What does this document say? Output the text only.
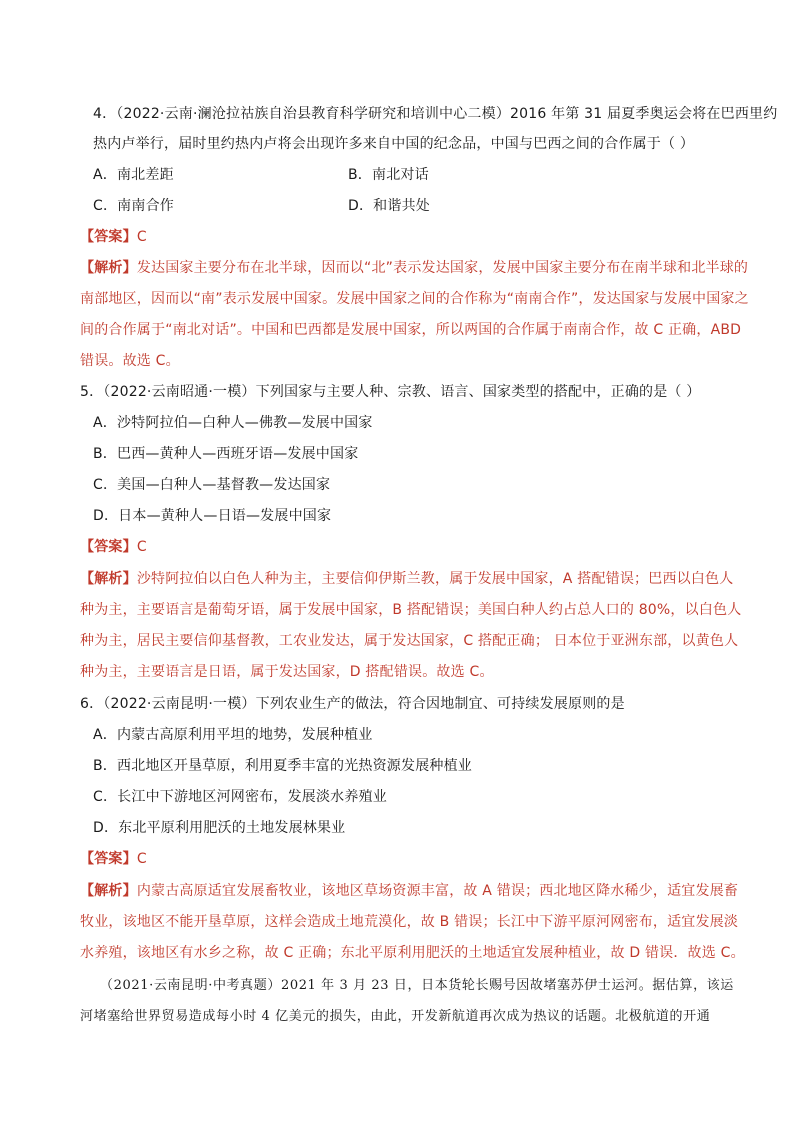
4．（2022·云南·澜沧拉祜族自治县教育科学研究和培训中心二模）2016 年第 31 届夏季奥运会将在巴西里约
热内卢举行，届时里约热内卢将会出现许多来自中国的纪念品，中国与巴西之间的合作属于（ ）
A．南北差距	B．南北对话
C．南南合作	D．和谐共处
【答案】C
【解析】发达国家主要分布在北半球，因而以“北”表示发达国家，发展中国家主要分布在南半球和北半球的
南部地区，因而以“南”表示发展中国家。发展中国家之间的合作称为“南南合作”，发达国家与发展中国家之
间的合作属于“南北对话”。中国和巴西都是发展中国家，所以两国的合作属于南南合作，故 C 正确，ABD
错误。故选 C。
5．（2022·云南昭通·一模）下列国家与主要人种、宗教、语言、国家类型的搭配中，正确的是（ ）
A．沙特阿拉伯—白种人—佛教—发展中国家
B．巴西—黄种人—西班牙语—发展中国家
C．美国—白种人—基督教—发达国家
D．日本—黄种人—日语—发展中国家
【答案】C
【解析】沙特阿拉伯以白色人种为主，主要信仰伊斯兰教，属于发展中国家，A 搭配错误；巴西以白色人
种为主，主要语言是葡萄牙语，属于发展中国家，B 搭配错误；美国白种人约占总人口的 80%，以白色人
种为主，居民主要信仰基督教，工农业发达，属于发达国家，C 搭配正确； 日本位于亚洲东部，以黄色人
种为主，主要语言是日语，属于发达国家，D 搭配错误。故选 C。
6．（2022·云南昆明·一模）下列农业生产的做法，符合因地制宜、可持续发展原则的是
A．内蒙古高原利用平坦的地势，发展种植业
B．西北地区开垦草原，利用夏季丰富的光热资源发展种植业
C．长江中下游地区河网密布，发展淡水养殖业
D．东北平原利用肥沃的土地发展林果业
【答案】C
【解析】内蒙古高原适宜发展畜牧业，该地区草场资源丰富，故 A 错误；西北地区降水稀少，适宜发展畜
牧业，该地区不能开垦草原，这样会造成土地荒漠化，故 B 错误；长江中下游平原河网密布，适宜发展淡
水养殖，该地区有水乡之称，故 C 正确；东北平原利用肥沃的土地适宜发展种植业，故 D 错误．故选 C。
（2021·云南昆明·中考真题）2021 年 3 月 23 日，日本货轮长赐号因故堵塞苏伊士运河。据估算，该运
河堵塞给世界贸易造成每小时 4 亿美元的损失，由此，开发新航道再次成为热议的话题。北极航道的开通
